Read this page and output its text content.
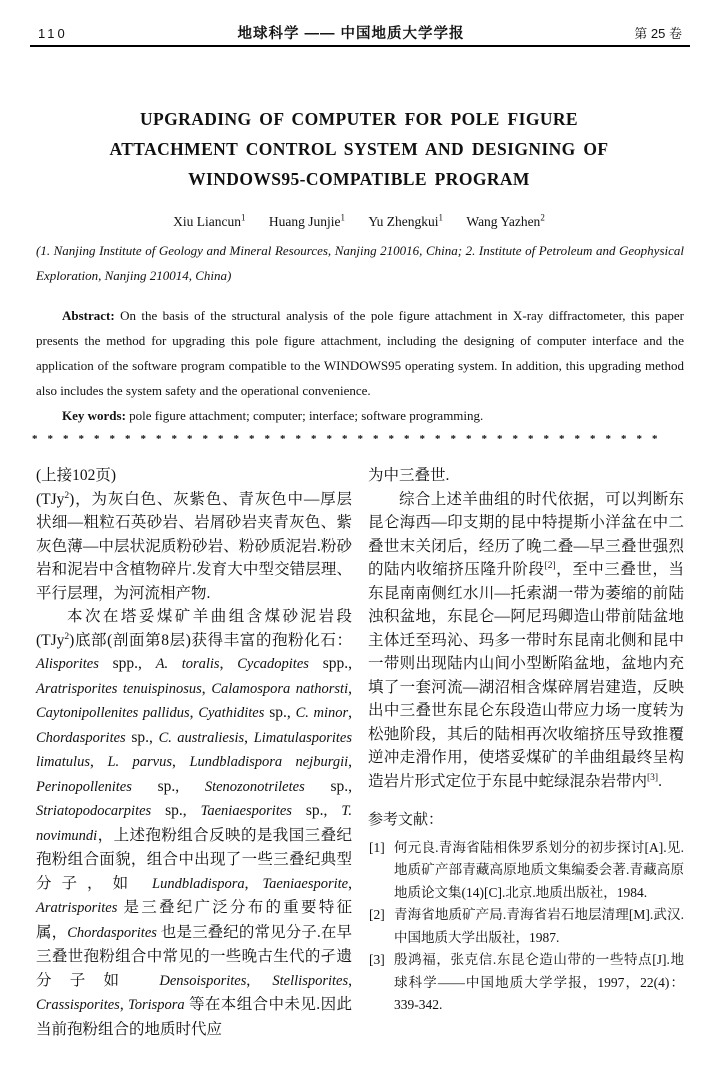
110	地球科学 —— 中国地质大学学报	第 25 卷
UPGRADING OF COMPUTER FOR POLE FIGURE
ATTACHMENT CONTROL SYSTEM AND DESIGNING OF
WINDOWS95-COMPATIBLE PROGRAM
Xiu Liancun$^1$ Huang Junjie$^1$ Yu Zhengkui$^1$ Wang Yazhen$^2$
(1. Nanjing Institute of Geology and Mineral Resources, Nanjing 210016, China; 2. Institute of Petroleum and Geophysical Exploration, Nanjing 210014, China)

Abstract: On the basis of the structural analysis of the pole figure attachment in X-ray diffractometer, this paper presents the method for upgrading this pole figure attachment, including the designing of computer interface and the application of the software program compatible to the WINDOWS95 operating system. In addition, this upgrading method also includes the system safety and the operational convenience.

Key words: pole figure attachment; computer; interface; software programming.

*****************************************

(上接102页)

(TJy$^2$)，为灰白色、灰紫色、青灰色中—厚层状细—粗粒石英砂岩、岩屑砂岩夹青灰色、紫灰色薄—中层状泥质粉砂岩、粉砂质泥岩.粉砂岩和泥岩中含植物碎片.发育大中型交错层理、平行层理，为河流相产物.

本次在塔妥煤矿羊曲组含煤砂泥岩段(TJy$^2$)底部(剖面第8层)获得丰富的孢粉化石：Alisporites spp., A. toralis, Cycadopites spp., Aratrisporites tenuispinosus, Calamospora nathorsti, Caytonipollenites pallidus, Cyathidites sp., C. minor, Chordasporites sp., C. australiesis, Limatulasporites limatulus, L. parvus, Lundbladispora nejburgii, Perinopollenites sp., Stenozonotriletes sp., Striatopodocarpites sp., Taeniaesporites sp., T. novimundi，上述孢粉组合反映的是我国三叠纪孢粉组合面貌，组合中出现了一些三叠纪典型分子，如 Lundbladispora, Taeniaesporite, Aratrisporites 是三叠纪广泛分布的重要特征属，Chordasporites 也是三叠纪的常见分子.在早三叠世孢粉组合中常见的一些晚古生代的孑遗分子如 Densoisporites, Stellisporites, Crassisporites, Torispora 等在本组合中未见.因此当前孢粉组合的地质时代应

为中三叠世.

综合上述羊曲组的时代依据，可以判断东昆仑海西—印支期的昆中特提斯小洋盆在中二叠世末关闭后，经历了晚二叠—早三叠世强烈的陆内收缩挤压隆升阶段[2]，至中三叠世，当东昆南南侧红水川—托索湖一带为萎缩的前陆浊积盆地，东昆仑—阿尼玛卿造山带前陆盆地主体迁至玛沁、玛多一带时东昆南北侧和昆中一带则出现陆内山间小型断陷盆地，盆地内充填了一套河流—湖沼相含煤碎屑岩建造，反映出中三叠世东昆仑东段造山带应力场一度转为松弛阶段，其后的陆相再次收缩挤压导致推覆逆冲走滑作用，使塔妥煤矿的羊曲组最终呈构造岩片形式定位于东昆中蛇绿混杂岩带内[3].

参考文献：
[1] 何元良.青海省陆相侏罗系划分的初步探讨[A].见.地质矿产部青藏高原地质文集编委会著.青藏高原地质论文集(14)[C].北京.地质出版社，1984.
[2] 青海省地质矿产局.青海省岩石地层清理[M].武汉.中国地质大学出版社，1987.
[3] 殷鸿福，张克信.东昆仑造山带的一些特点[J].地球科学——中国地质大学学报，1997，22(4)：339-342.
